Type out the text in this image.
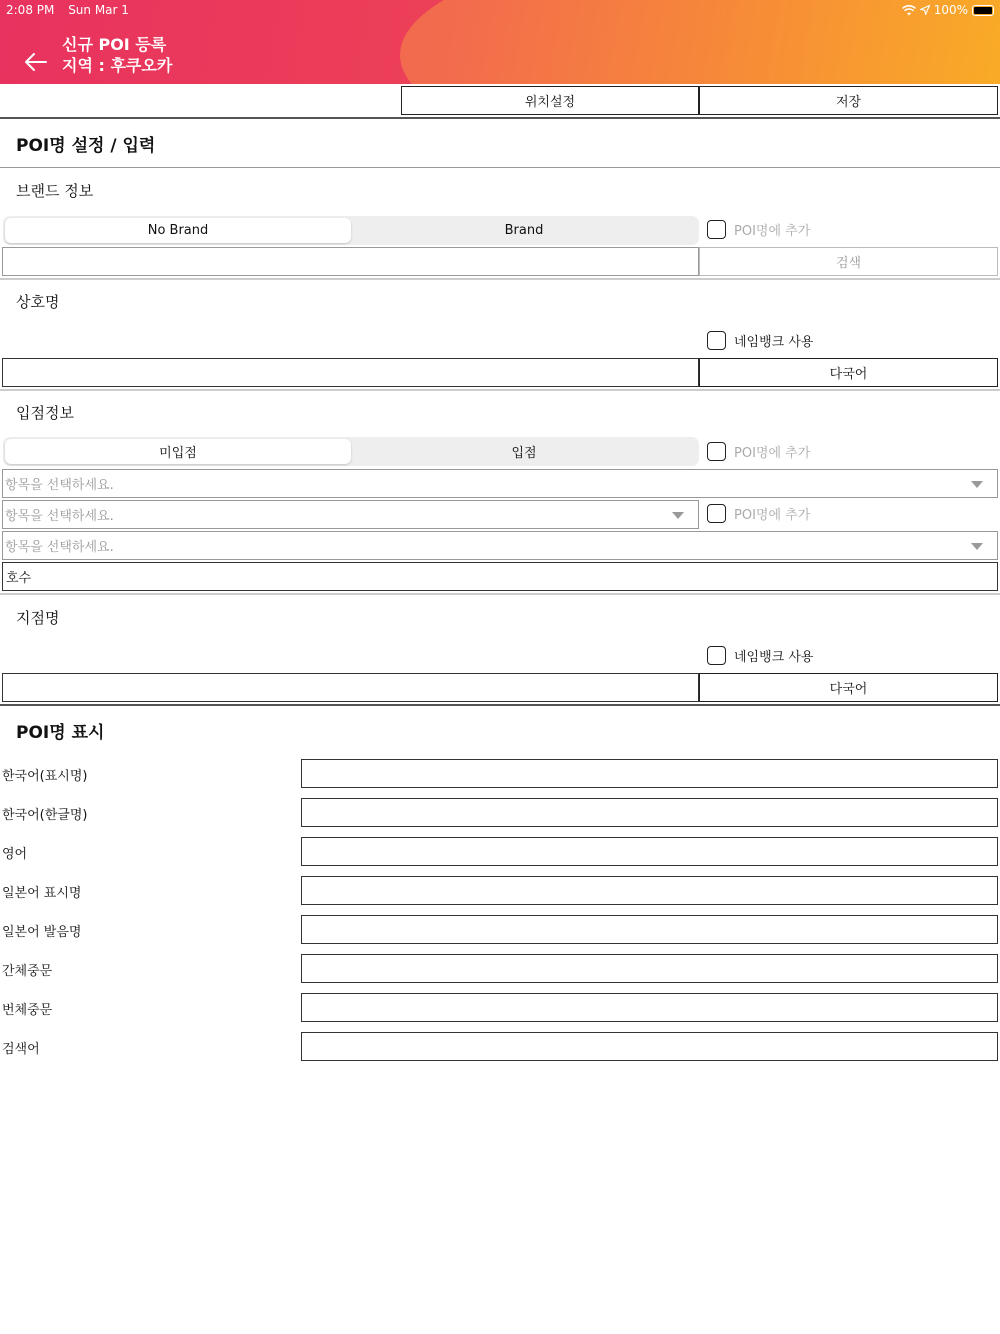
2:08 PM Sun Mar 1	100%
신규 POI 등록
지역 : 후쿠오카
위치설정	저장
POI명 설정 / 입력
브랜드 정보
No Brand	Brand	POI명에 추가
검색
상호명
네임뱅크 사용
다국어
입점정보
미입점	입점	POI명에 추가
항목을 선택하세요.
항목을 선택하세요.	POI명에 추가
항목을 선택하세요.
호수
지점명
네임뱅크 사용
다국어
POI명 표시
한국어(표시명)
한국어(한글명)
영어
일본어 표시명
일본어 발음명
간체중문
번체중문
검색어
